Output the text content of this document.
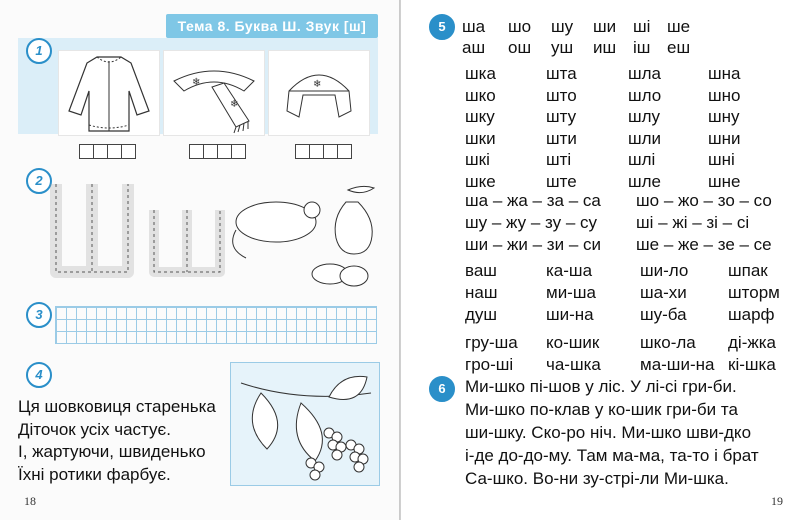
Тема 8. Буква Ш. Звук [ш]
1
❄
❄
❄
2
3
4
Ця шовковиця старенька
Діточок усіх частує.
І, жартуючи, швиденько
Їхні ротики фарбує.
18
5
6
19
ша шо шу ши ші ше
аш ош уш иш іш еш
шка	шта	шла	шна
шко	што	шло	шно
шку	шту	шлу	шну
шки	шти	шли	шни
шкі	шті	шлі	шні
шке	ште	шле	шне
ша – жа – за – са шо – жо – зо – со
шу – жу – зу – су ші – жі – зі – сі
ши – жи – зи – си ше – же – зе – се
ваш	ка-ша	ши-ло шпак
наш	ми-ша	ша-хи шторм
душ	ши-на	шу-ба шарф
гру-ша ко-шик шко-ла ді-жка
гро-ші ча-шка ма-ши-на кі-шка
Ми-шко пі-шов у ліс. У лі-сі гри-би.
Ми-шко по-клав у ко-шик гри-би та
ши-шку. Ско-ро ніч. Ми-шко шви-дко
і-де до-до-му. Там ма-ма, та-то і брат
Са-шко. Во-ни зу-стрі-ли Ми-шка.
